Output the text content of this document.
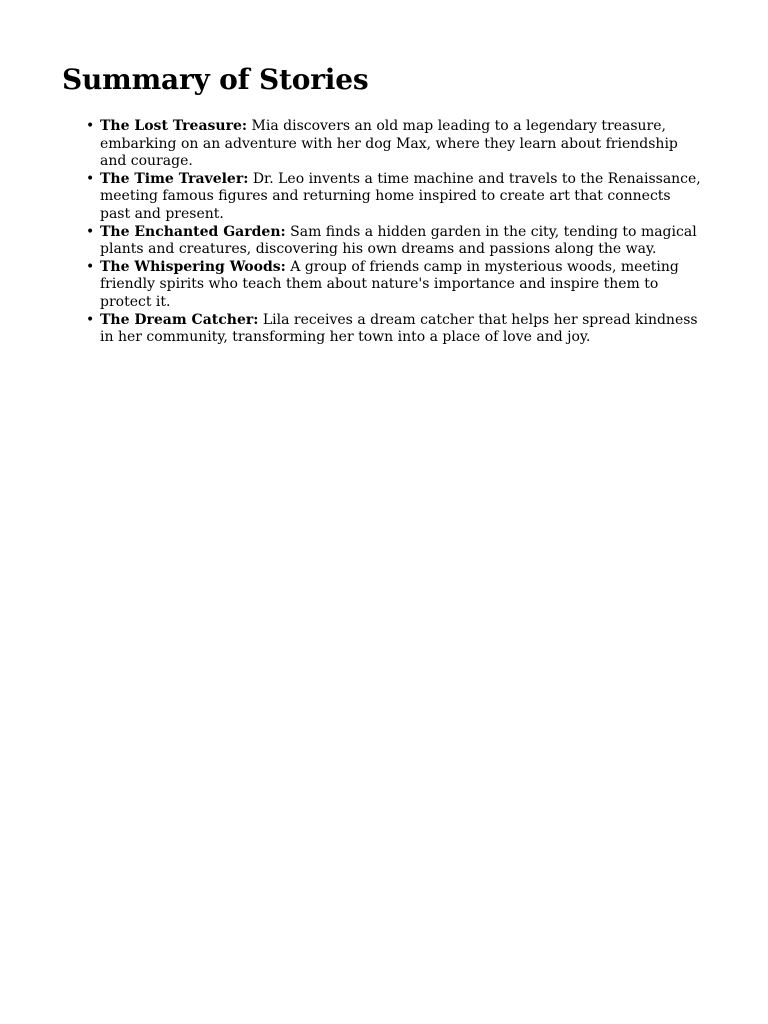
Summary of Stories
• The Lost Treasure: Mia discovers an old map leading to a legendary treasure, embarking on an adventure with her dog Max, where they learn about friendship and courage.
• The Time Traveler: Dr. Leo invents a time machine and travels to the Renaissance, meeting famous figures and returning home inspired to create art that connects past and present.
• The Enchanted Garden: Sam finds a hidden garden in the city, tending to magical plants and creatures, discovering his own dreams and passions along the way.
• The Whispering Woods: A group of friends camp in mysterious woods, meeting friendly spirits who teach them about nature's importance and inspire them to protect it.
• The Dream Catcher: Lila receives a dream catcher that helps her spread kindness in her community, transforming her town into a place of love and joy.
